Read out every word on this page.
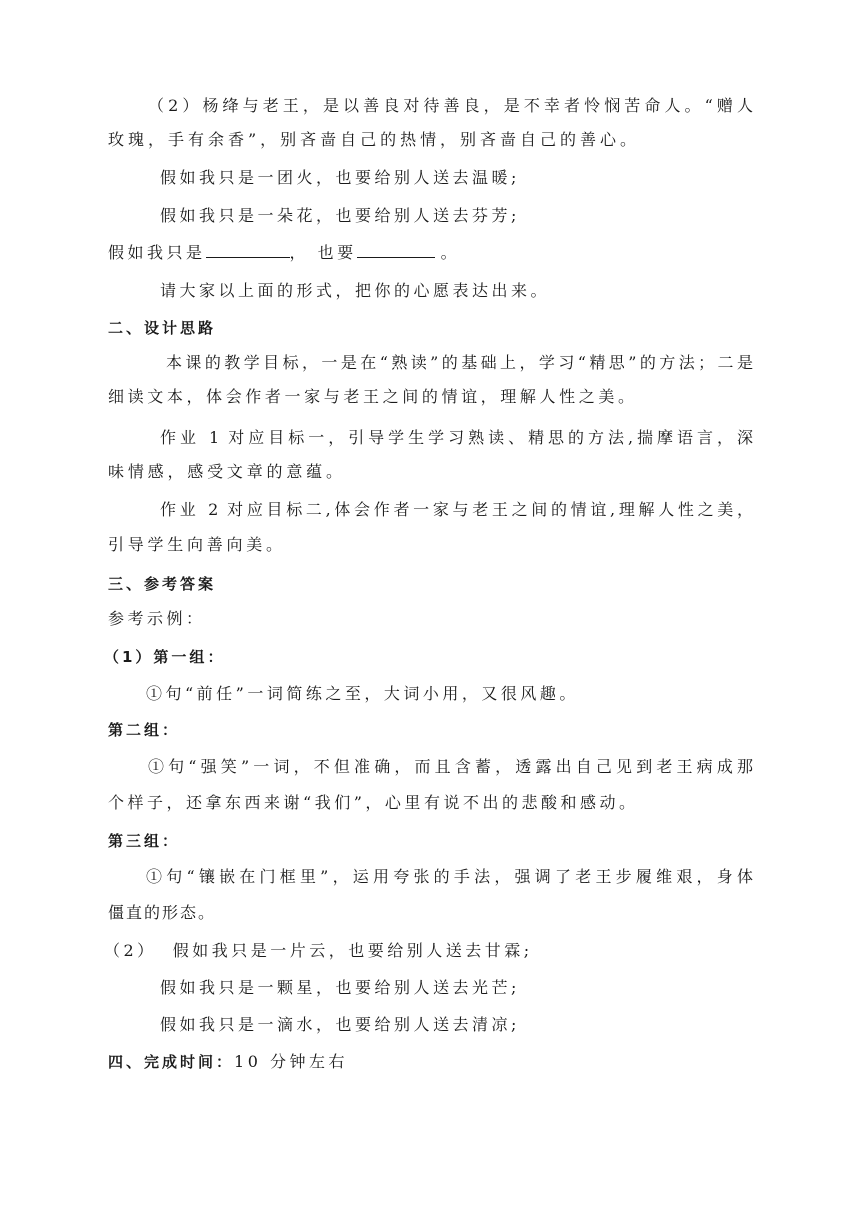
（2）杨绛与老王，是以善良对待善良，是不幸者怜悯苦命人。“赠人
玫瑰，手有余香”，别吝啬自己的热情，别吝啬自己的善心。
假如我只是一团火，也要给别人送去温暖;
假如我只是一朵花，也要给别人送去芬芳;
假如我只是	， 也要	。
请大家以上面的形式，把你的心愿表达出来。
二、设计思路
本课的教学目标，一是在“熟读”的基础上，学习“精思”的方法；二是
细读文本，体会作者一家与老王之间的情谊，理解人性之美。
作业 1 对应目标一，引导学生学习熟读、精思的方法,揣摩语言，深
味情感，感受文章的意蕴。
作业 2 对应目标二,体会作者一家与老王之间的情谊,理解人性之美，
引导学生向善向美。
三、参考答案
参考示例：
（1）第一组：
①句“前任”一词简练之至，大词小用，又很风趣。
第二组：
①句“强笑”一词，不但准确，而且含蓄，透露出自己见到老王病成那
个样子，还拿东西来谢“我们”，心里有说不出的悲酸和感动。
第三组：
①句“镶嵌在门框里”，运用夸张的手法，强调了老王步履维艰，身体
僵直的形态。
（2） 假如我只是一片云，也要给别人送去甘霖;
假如我只是一颗星，也要给别人送去光芒;
假如我只是一滴水，也要给别人送去清凉;
四、完成时间：10 分钟左右
